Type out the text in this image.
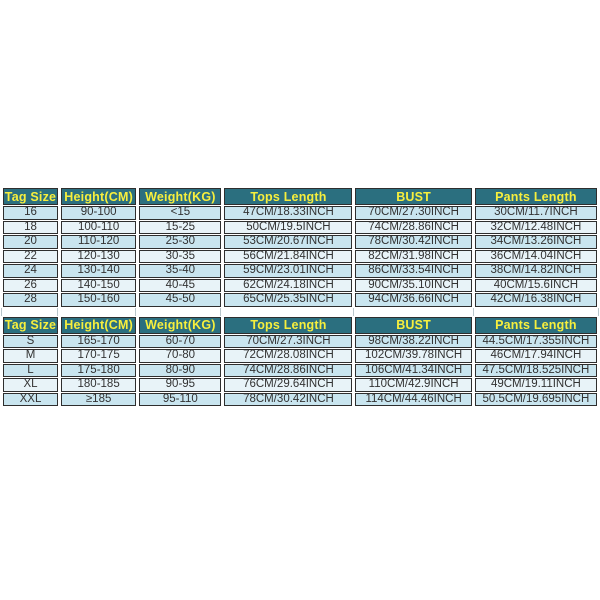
Tag Size	Height(CM)	Weight(KG)	Tops Length	BUST	Pants Length
16	90-100	<15	47CM/18.33INCH	70CM/27.30INCH	30CM/11.7INCH
18	100-110	15-25	50CM/19.5INCH	74CM/28.86INCH	32CM/12.48INCH
20	110-120	25-30	53CM/20.67INCH	78CM/30.42INCH	34CM/13.26INCH
22	120-130	30-35	56CM/21.84INCH	82CM/31.98INCH	36CM/14.04INCH
24	130-140	35-40	59CM/23.01INCH	86CM/33.54INCH	38CM/14.82INCH
26	140-150	40-45	62CM/24.18INCH	90CM/35.10INCH	40CM/15.6INCH
28	150-160	45-50	65CM/25.35INCH	94CM/36.66INCH	42CM/16.38INCH
Tag Size	Height(CM)	Weight(KG)	Tops Length	BUST	Pants Length
S	165-170	60-70	70CM/27.3INCH	98CM/38.22INCH	44.5CM/17.355INCH
M	170-175	70-80	72CM/28.08INCH	102CM/39.78INCH	46CM/17.94INCH
L	175-180	80-90	74CM/28.86INCH	106CM/41.34INCH	47.5CM/18.525INCH
XL	180-185	90-95	76CM/29.64INCH	110CM/42.9INCH	49CM/19.11INCH
XXL	≥185	95-110	78CM/30.42INCH	114CM/44.46INCH	50.5CM/19.695INCH
